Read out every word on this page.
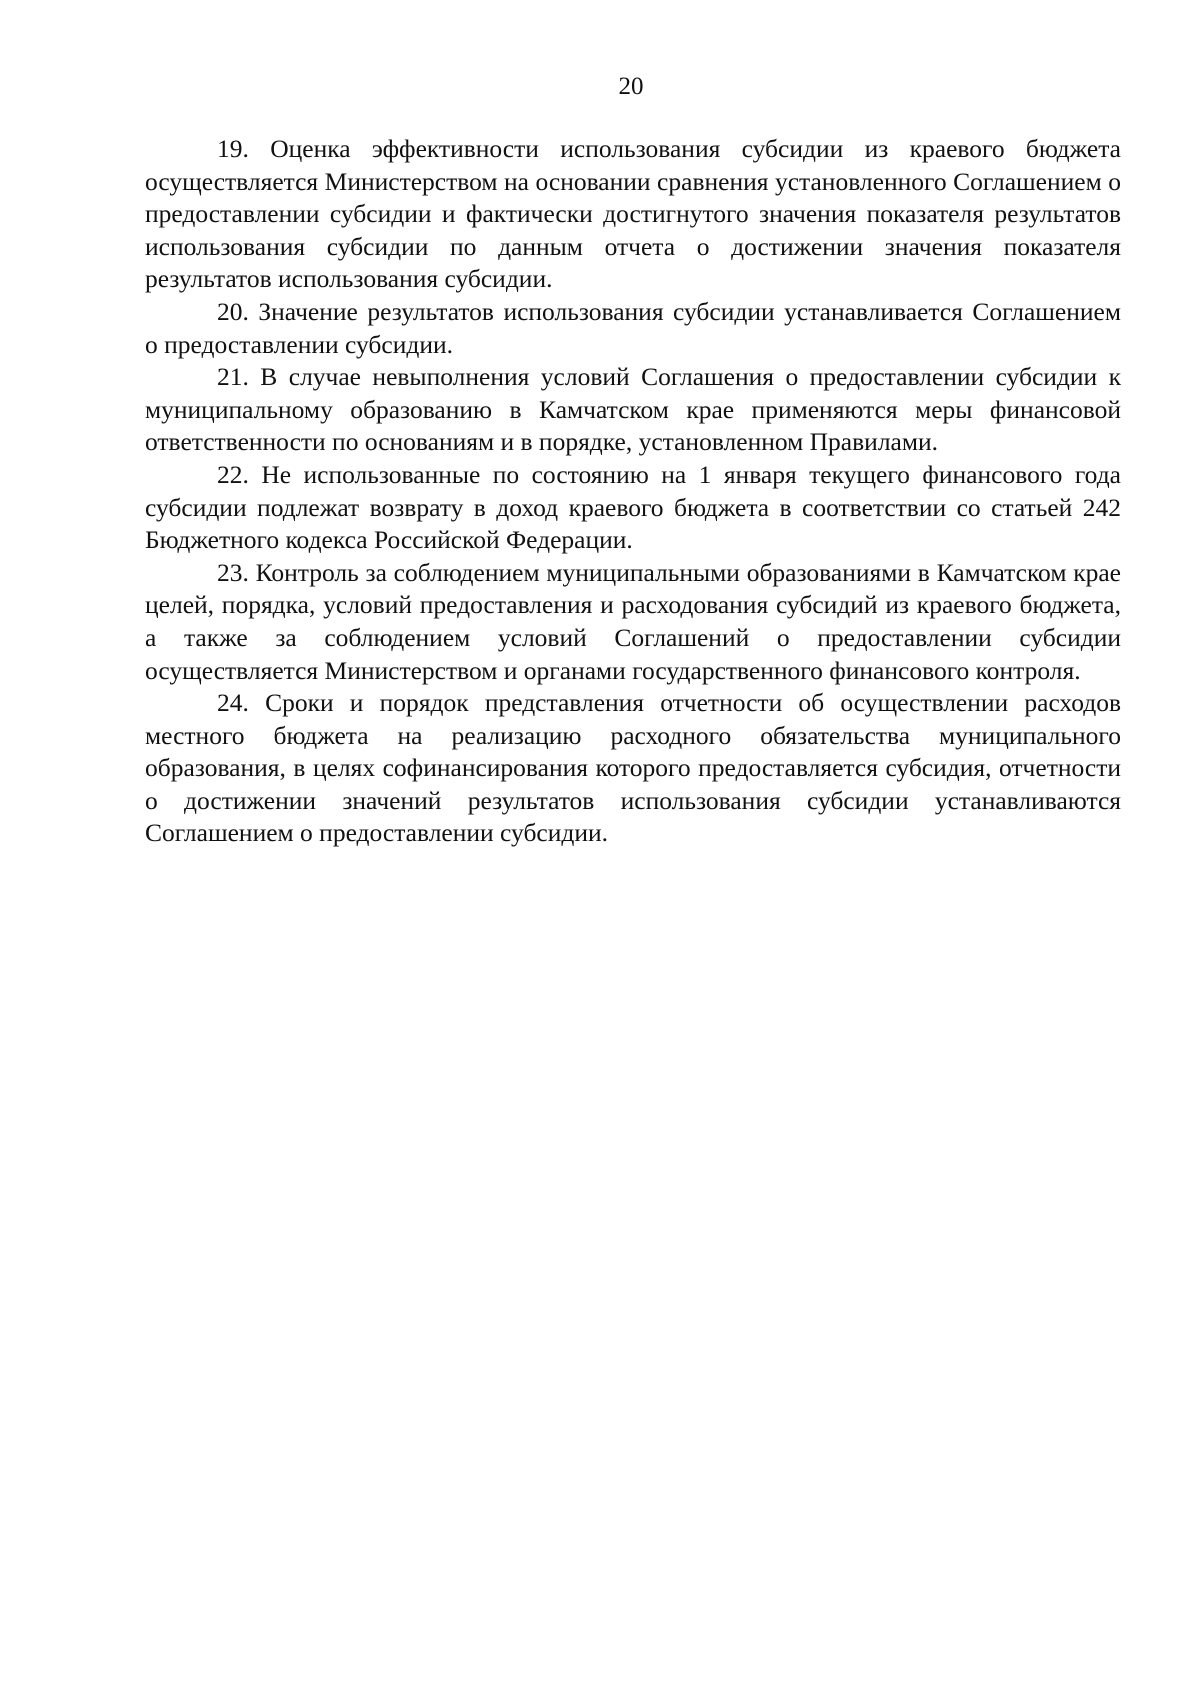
20

19. Оценка эффективности использования субсидии из краевого бюджета осуществляется Министерством на основании сравнения установленного Соглашением о предоставлении субсидии и фактически достигнутого значения показателя результатов использования субсидии по данным отчета о достижении значения показателя результатов использования субсидии.

20. Значение результатов использования субсидии устанавливается Соглашением о предоставлении субсидии.

21. В случае невыполнения условий Соглашения о предоставлении субсидии к муниципальному образованию в Камчатском крае применяются меры финансовой ответственности по основаниям и в порядке, установленном Правилами.

22. Не использованные по состоянию на 1 января текущего финансового года субсидии подлежат возврату в доход краевого бюджета в соответствии со статьей 242 Бюджетного кодекса Российской Федерации.

23. Контроль за соблюдением муниципальными образованиями в Камчатском крае целей, порядка, условий предоставления и расходования субсидий из краевого бюджета, а также за соблюдением условий Соглашений о предоставлении субсидии осуществляется Министерством и органами государственного финансового контроля.

24. Сроки и порядок представления отчетности об осуществлении расходов местного бюджета на реализацию расходного обязательства муниципального образования, в целях софинансирования которого предоставляется субсидия, отчетности о достижении значений результатов использования субсидии устанавливаются Соглашением о предоставлении субсидии.
